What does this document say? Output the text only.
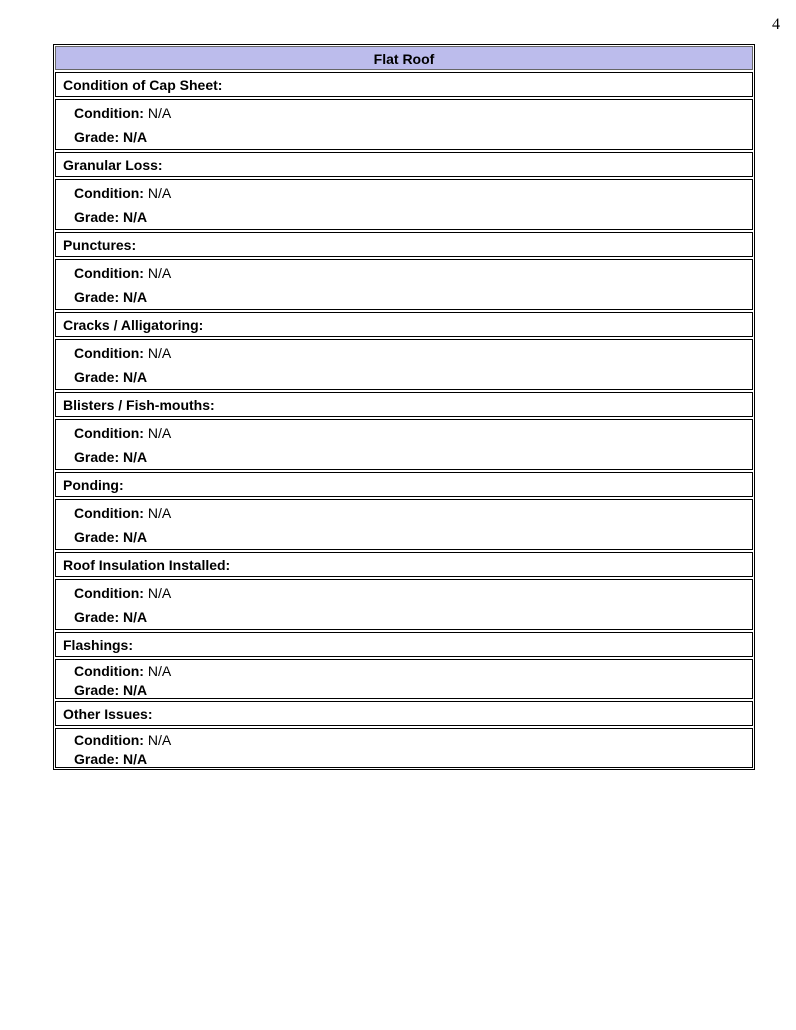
4
Flat Roof
Condition of Cap Sheet:
Condition: N/A
Grade: N/A
Granular Loss:
Condition: N/A
Grade: N/A
Punctures:
Condition: N/A
Grade: N/A
Cracks / Alligatoring:
Condition: N/A
Grade: N/A
Blisters / Fish-mouths:
Condition: N/A
Grade: N/A
Ponding:
Condition: N/A
Grade: N/A
Roof Insulation Installed:
Condition: N/A
Grade: N/A
Flashings:
Condition: N/A
Grade: N/A
Other Issues:
Condition: N/A
Grade: N/A
